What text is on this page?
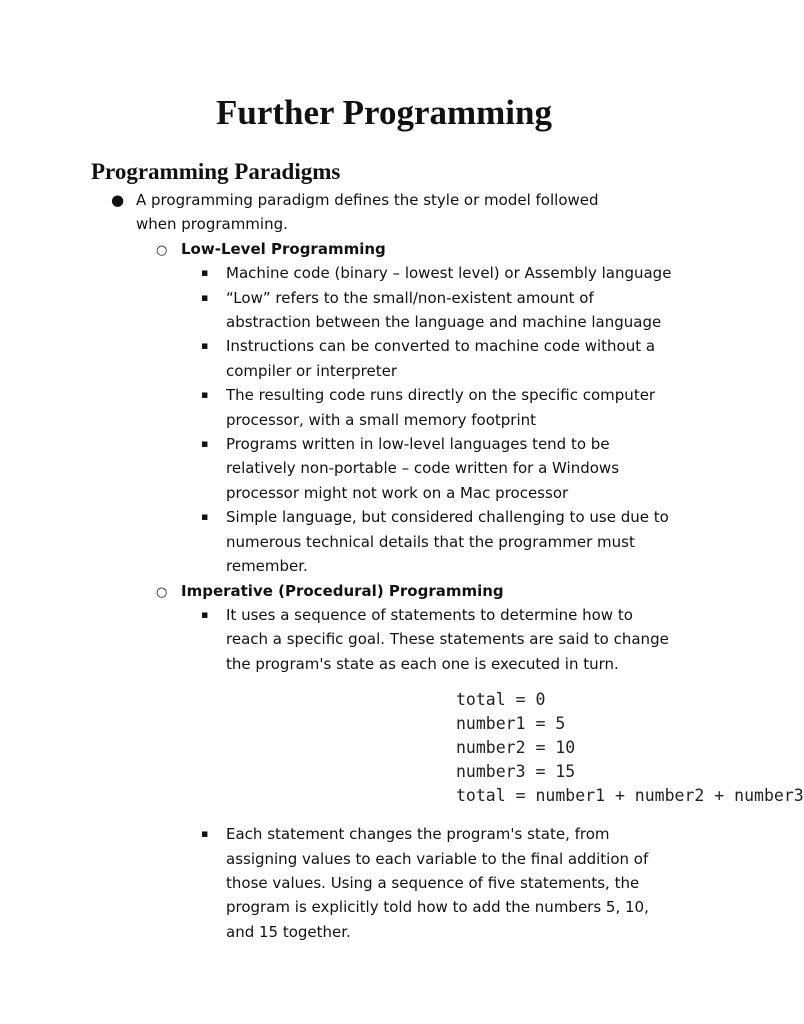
Further Programming
Programming Paradigms
● A programming paradigm defines the style or model followed when programming.
○ Low-Level Programming
▪ Machine code (binary – lowest level) or Assembly language
▪ “Low” refers to the small/non-existent amount of abstraction between the language and machine language
▪ Instructions can be converted to machine code without a compiler or interpreter
▪ The resulting code runs directly on the specific computer processor, with a small memory footprint
▪ Programs written in low-level languages tend to be relatively non-portable – code written for a Windows processor might not work on a Mac processor
▪ Simple language, but considered challenging to use due to numerous technical details that the programmer must remember.
○ Imperative (Procedural) Programming
▪ It uses a sequence of statements to determine how to reach a specific goal. These statements are said to change the program's state as each one is executed in turn.
total = 0
number1 = 5
number2 = 10
number3 = 15
total = number1 + number2 + number3
▪ Each statement changes the program's state, from assigning values to each variable to the final addition of those values. Using a sequence of five statements, the program is explicitly told how to add the numbers 5, 10, and 15 together.
